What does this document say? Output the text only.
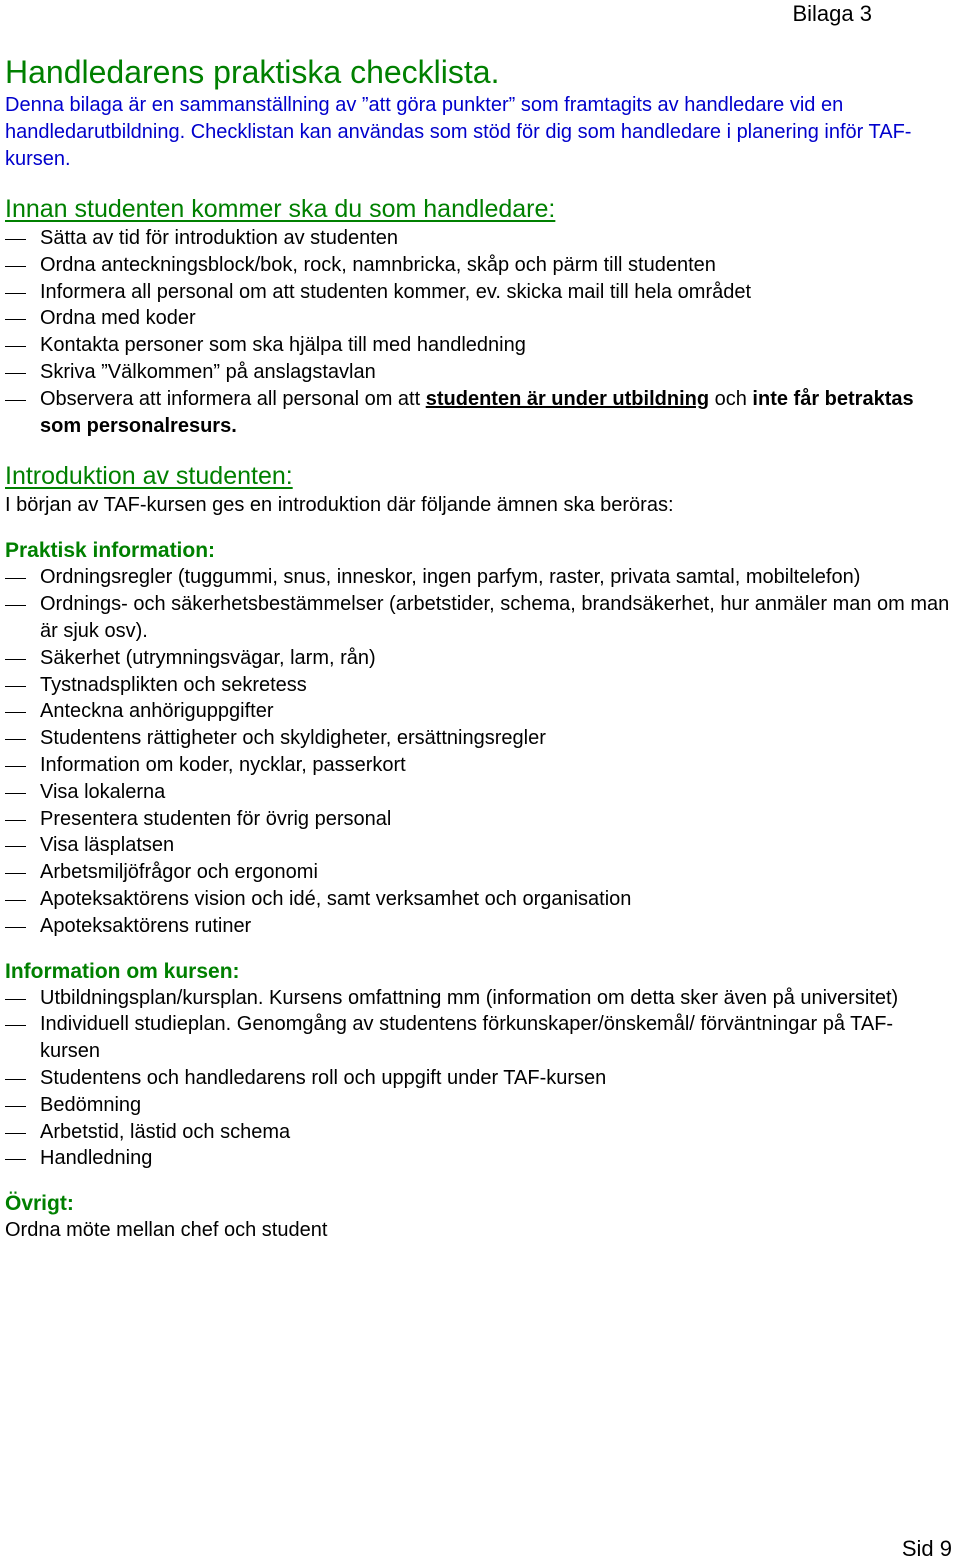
Bilaga 3
Handledarens praktiska checklista.

Denna bilaga är en sammanställning av ”att göra punkter” som framtagits av handledare vid en handledarutbildning. Checklistan kan användas som stöd för dig som handledare i planering inför TAF-kursen.

Innan studenten kommer ska du som handledare:
Sätta av tid för introduktion av studenten
Ordna anteckningsblock/bok, rock, namnbricka, skåp och pärm till studenten
Informera all personal om att studenten kommer, ev. skicka mail till hela området
Ordna med koder
Kontakta personer som ska hjälpa till med handledning
Skriva ”Välkommen” på anslagstavlan
Observera att informera all personal om att studenten är under utbildning och inte får betraktas som personalresurs.
Introduktion av studenten:

I början av TAF-kursen ges en introduktion där följande ämnen ska beröras:

Praktisk information:
Ordningsregler (tuggummi, snus, inneskor, ingen parfym, raster, privata samtal, mobiltelefon)
Ordnings- och säkerhetsbestämmelser (arbetstider, schema, brandsäkerhet, hur anmäler man om man är sjuk osv).
Säkerhet (utrymningsvägar, larm, rån)
Tystnadsplikten och sekretess
Anteckna anhöriguppgifter
Studentens rättigheter och skyldigheter, ersättningsregler
Information om koder, nycklar, passerkort
Visa lokalerna
Presentera studenten för övrig personal
Visa läsplatsen
Arbetsmiljöfrågor och ergonomi
Apoteksaktörens vision och idé, samt verksamhet och organisation
Apoteksaktörens rutiner
Information om kursen:
Utbildningsplan/kursplan. Kursens omfattning mm (information om detta sker även på universitet)
Individuell studieplan. Genomgång av studentens förkunskaper/önskemål/ förväntningar på TAF-kursen
Studentens och handledarens roll och uppgift under TAF-kursen
Bedömning
Arbetstid, lästid och schema
Handledning
Övrigt:

Ordna möte mellan chef och student

Sid 9
